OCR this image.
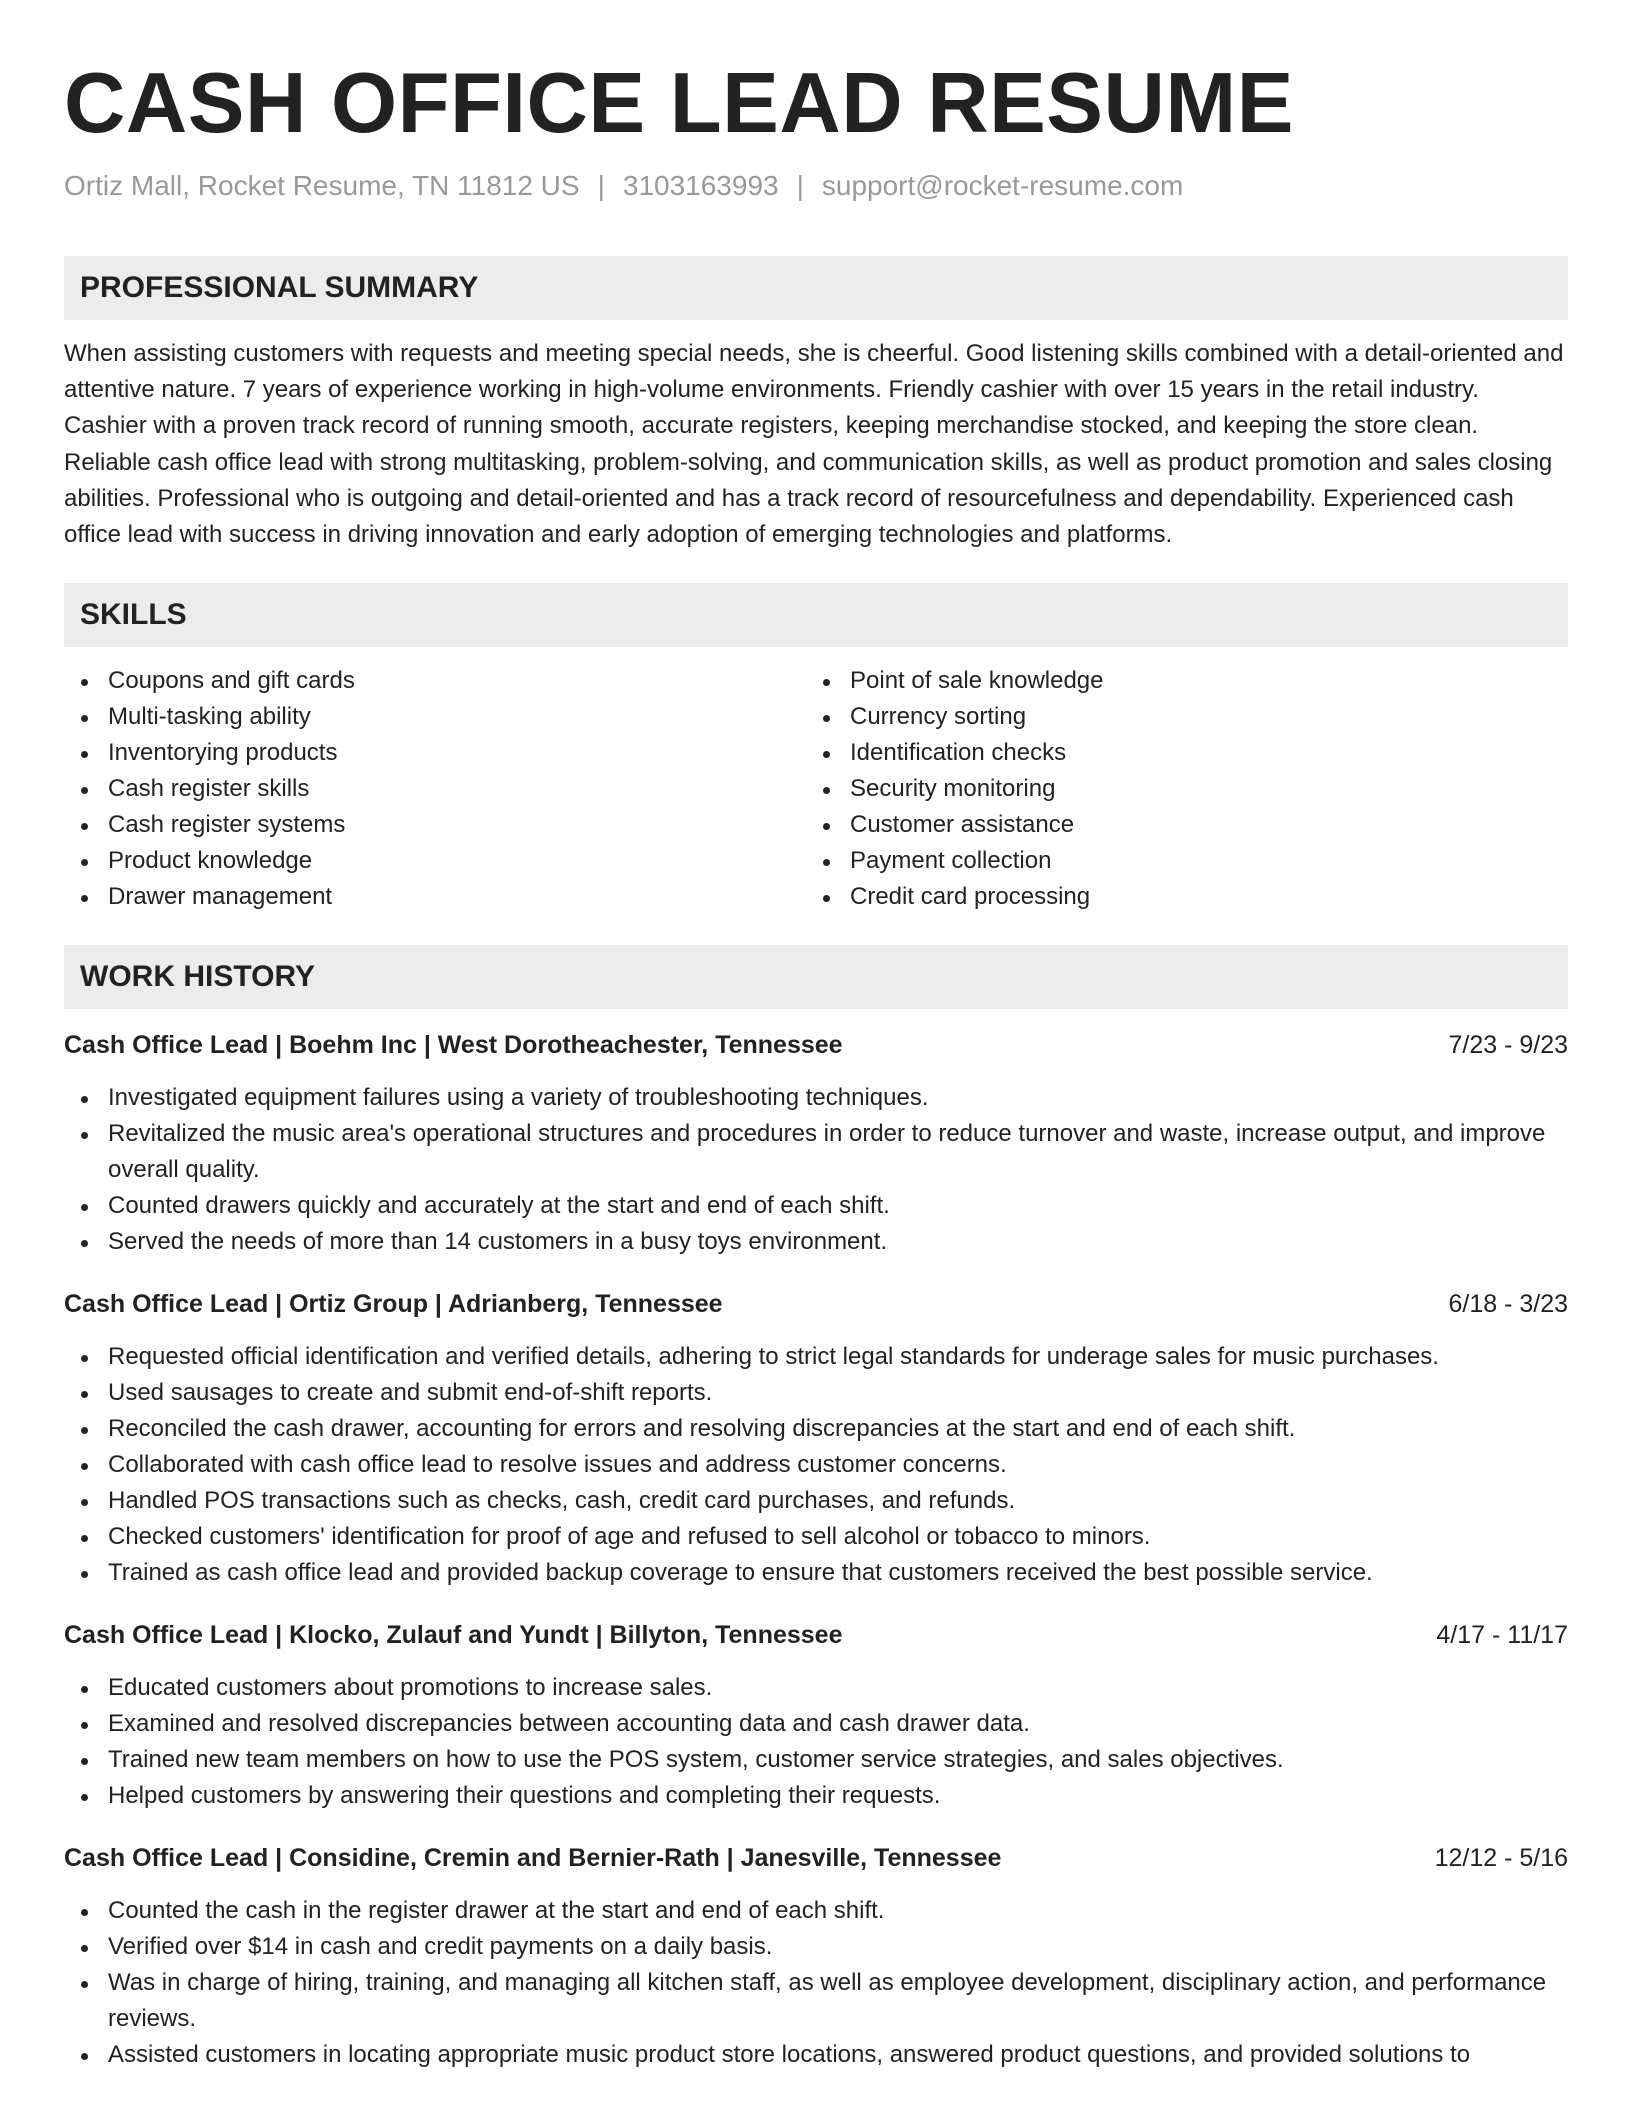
CASH OFFICE LEAD RESUME
Ortiz Mall, Rocket Resume, TN 11812 US | 3103163993 | support@rocket-resume.com
PROFESSIONAL SUMMARY

When assisting customers with requests and meeting special needs, she is cheerful. Good listening skills combined with a detail-oriented and attentive nature. 7 years of experience working in high-volume environments. Friendly cashier with over 15 years in the retail industry. Cashier with a proven track record of running smooth, accurate registers, keeping merchandise stocked, and keeping the store clean. Reliable cash office lead with strong multitasking, problem-solving, and communication skills, as well as product promotion and sales closing abilities. Professional who is outgoing and detail-oriented and has a track record of resourcefulness and dependability. Experienced cash office lead with success in driving innovation and early adoption of emerging technologies and platforms.

SKILLS
Coupons and gift cards
Multi-tasking ability
Inventorying products
Cash register skills
Cash register systems
Product knowledge
Drawer management
Point of sale knowledge
Currency sorting
Identification checks
Security monitoring
Customer assistance
Payment collection
Credit card processing
WORK HISTORY
Cash Office Lead | Boehm Inc | West Dorotheachester, Tennessee	7/23 - 9/23
Investigated equipment failures using a variety of troubleshooting techniques.
Revitalized the music area's operational structures and procedures in order to reduce turnover and waste, increase output, and improve overall quality.
Counted drawers quickly and accurately at the start and end of each shift.
Served the needs of more than 14 customers in a busy toys environment.
Cash Office Lead | Ortiz Group | Adrianberg, Tennessee	6/18 - 3/23
Requested official identification and verified details, adhering to strict legal standards for underage sales for music purchases.
Used sausages to create and submit end-of-shift reports.
Reconciled the cash drawer, accounting for errors and resolving discrepancies at the start and end of each shift.
Collaborated with cash office lead to resolve issues and address customer concerns.
Handled POS transactions such as checks, cash, credit card purchases, and refunds.
Checked customers' identification for proof of age and refused to sell alcohol or tobacco to minors.
Trained as cash office lead and provided backup coverage to ensure that customers received the best possible service.
Cash Office Lead | Klocko, Zulauf and Yundt | Billyton, Tennessee	4/17 - 11/17
Educated customers about promotions to increase sales.
Examined and resolved discrepancies between accounting data and cash drawer data.
Trained new team members on how to use the POS system, customer service strategies, and sales objectives.
Helped customers by answering their questions and completing their requests.
Cash Office Lead | Considine, Cremin and Bernier-Rath | Janesville, Tennessee	12/12 - 5/16
Counted the cash in the register drawer at the start and end of each shift.
Verified over $14 in cash and credit payments on a daily basis.
Was in charge of hiring, training, and managing all kitchen staff, as well as employee development, disciplinary action, and performance reviews.
Assisted customers in locating appropriate music product store locations, answered product questions, and provided solutions to
